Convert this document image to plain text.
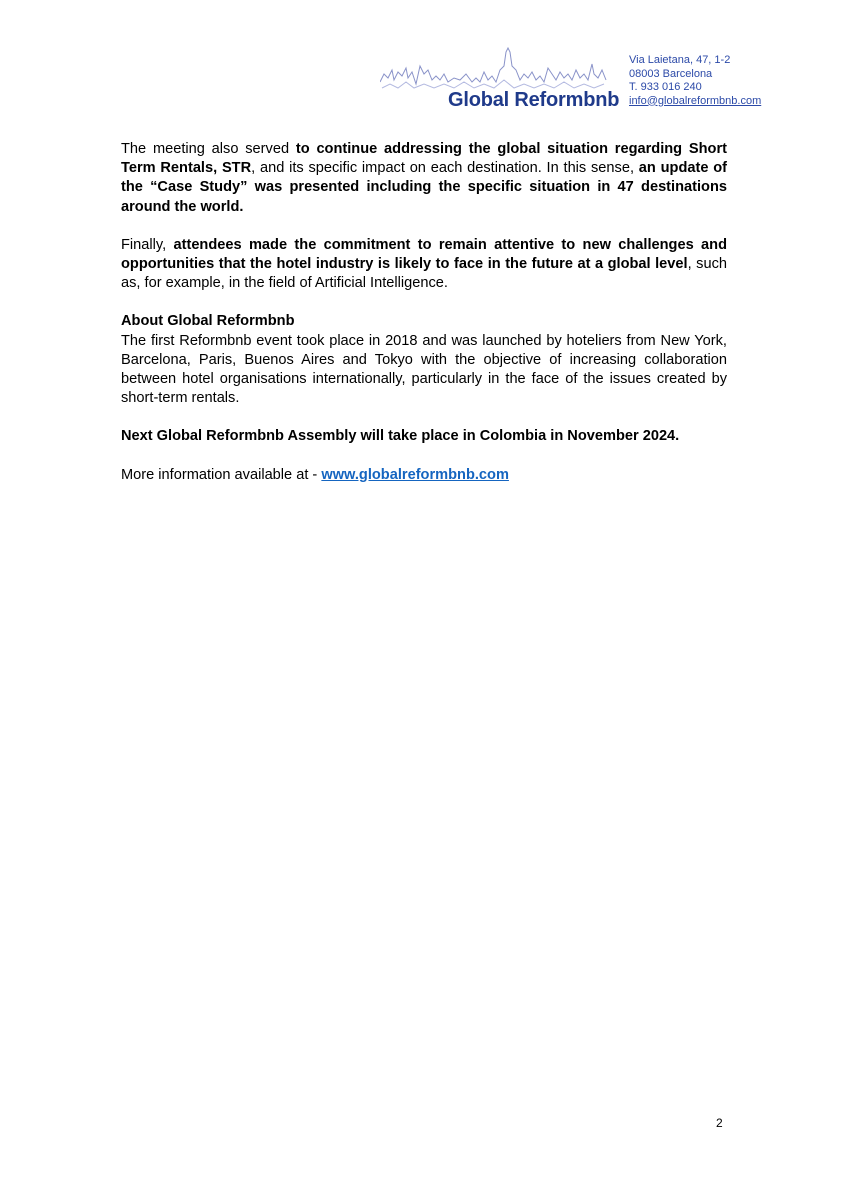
Global Reformbnb
Via Laietana, 47, 1-2
08003 Barcelona
T. 933 016 240
info@globalreformbnb.com

The meeting also served to continue addressing the global situation regarding Short Term Rentals, STR, and its specific impact on each destination. In this sense, an update of the “Case Study” was presented including the specific situation in 47 destinations around the world.

Finally, attendees made the commitment to remain attentive to new challenges and opportunities that the hotel industry is likely to face in the future at a global level, such as, for example, in the field of Artificial Intelligence.

About Global Reformbnb
The first Reformbnb event took place in 2018 and was launched by hoteliers from New York, Barcelona, Paris, Buenos Aires and Tokyo with the objective of increasing collaboration between hotel organisations internationally, particularly in the face of the issues created by short-term rentals.

Next Global Reformbnb Assembly will take place in Colombia in November 2024.

More information available at - www.globalreformbnb.com

2
